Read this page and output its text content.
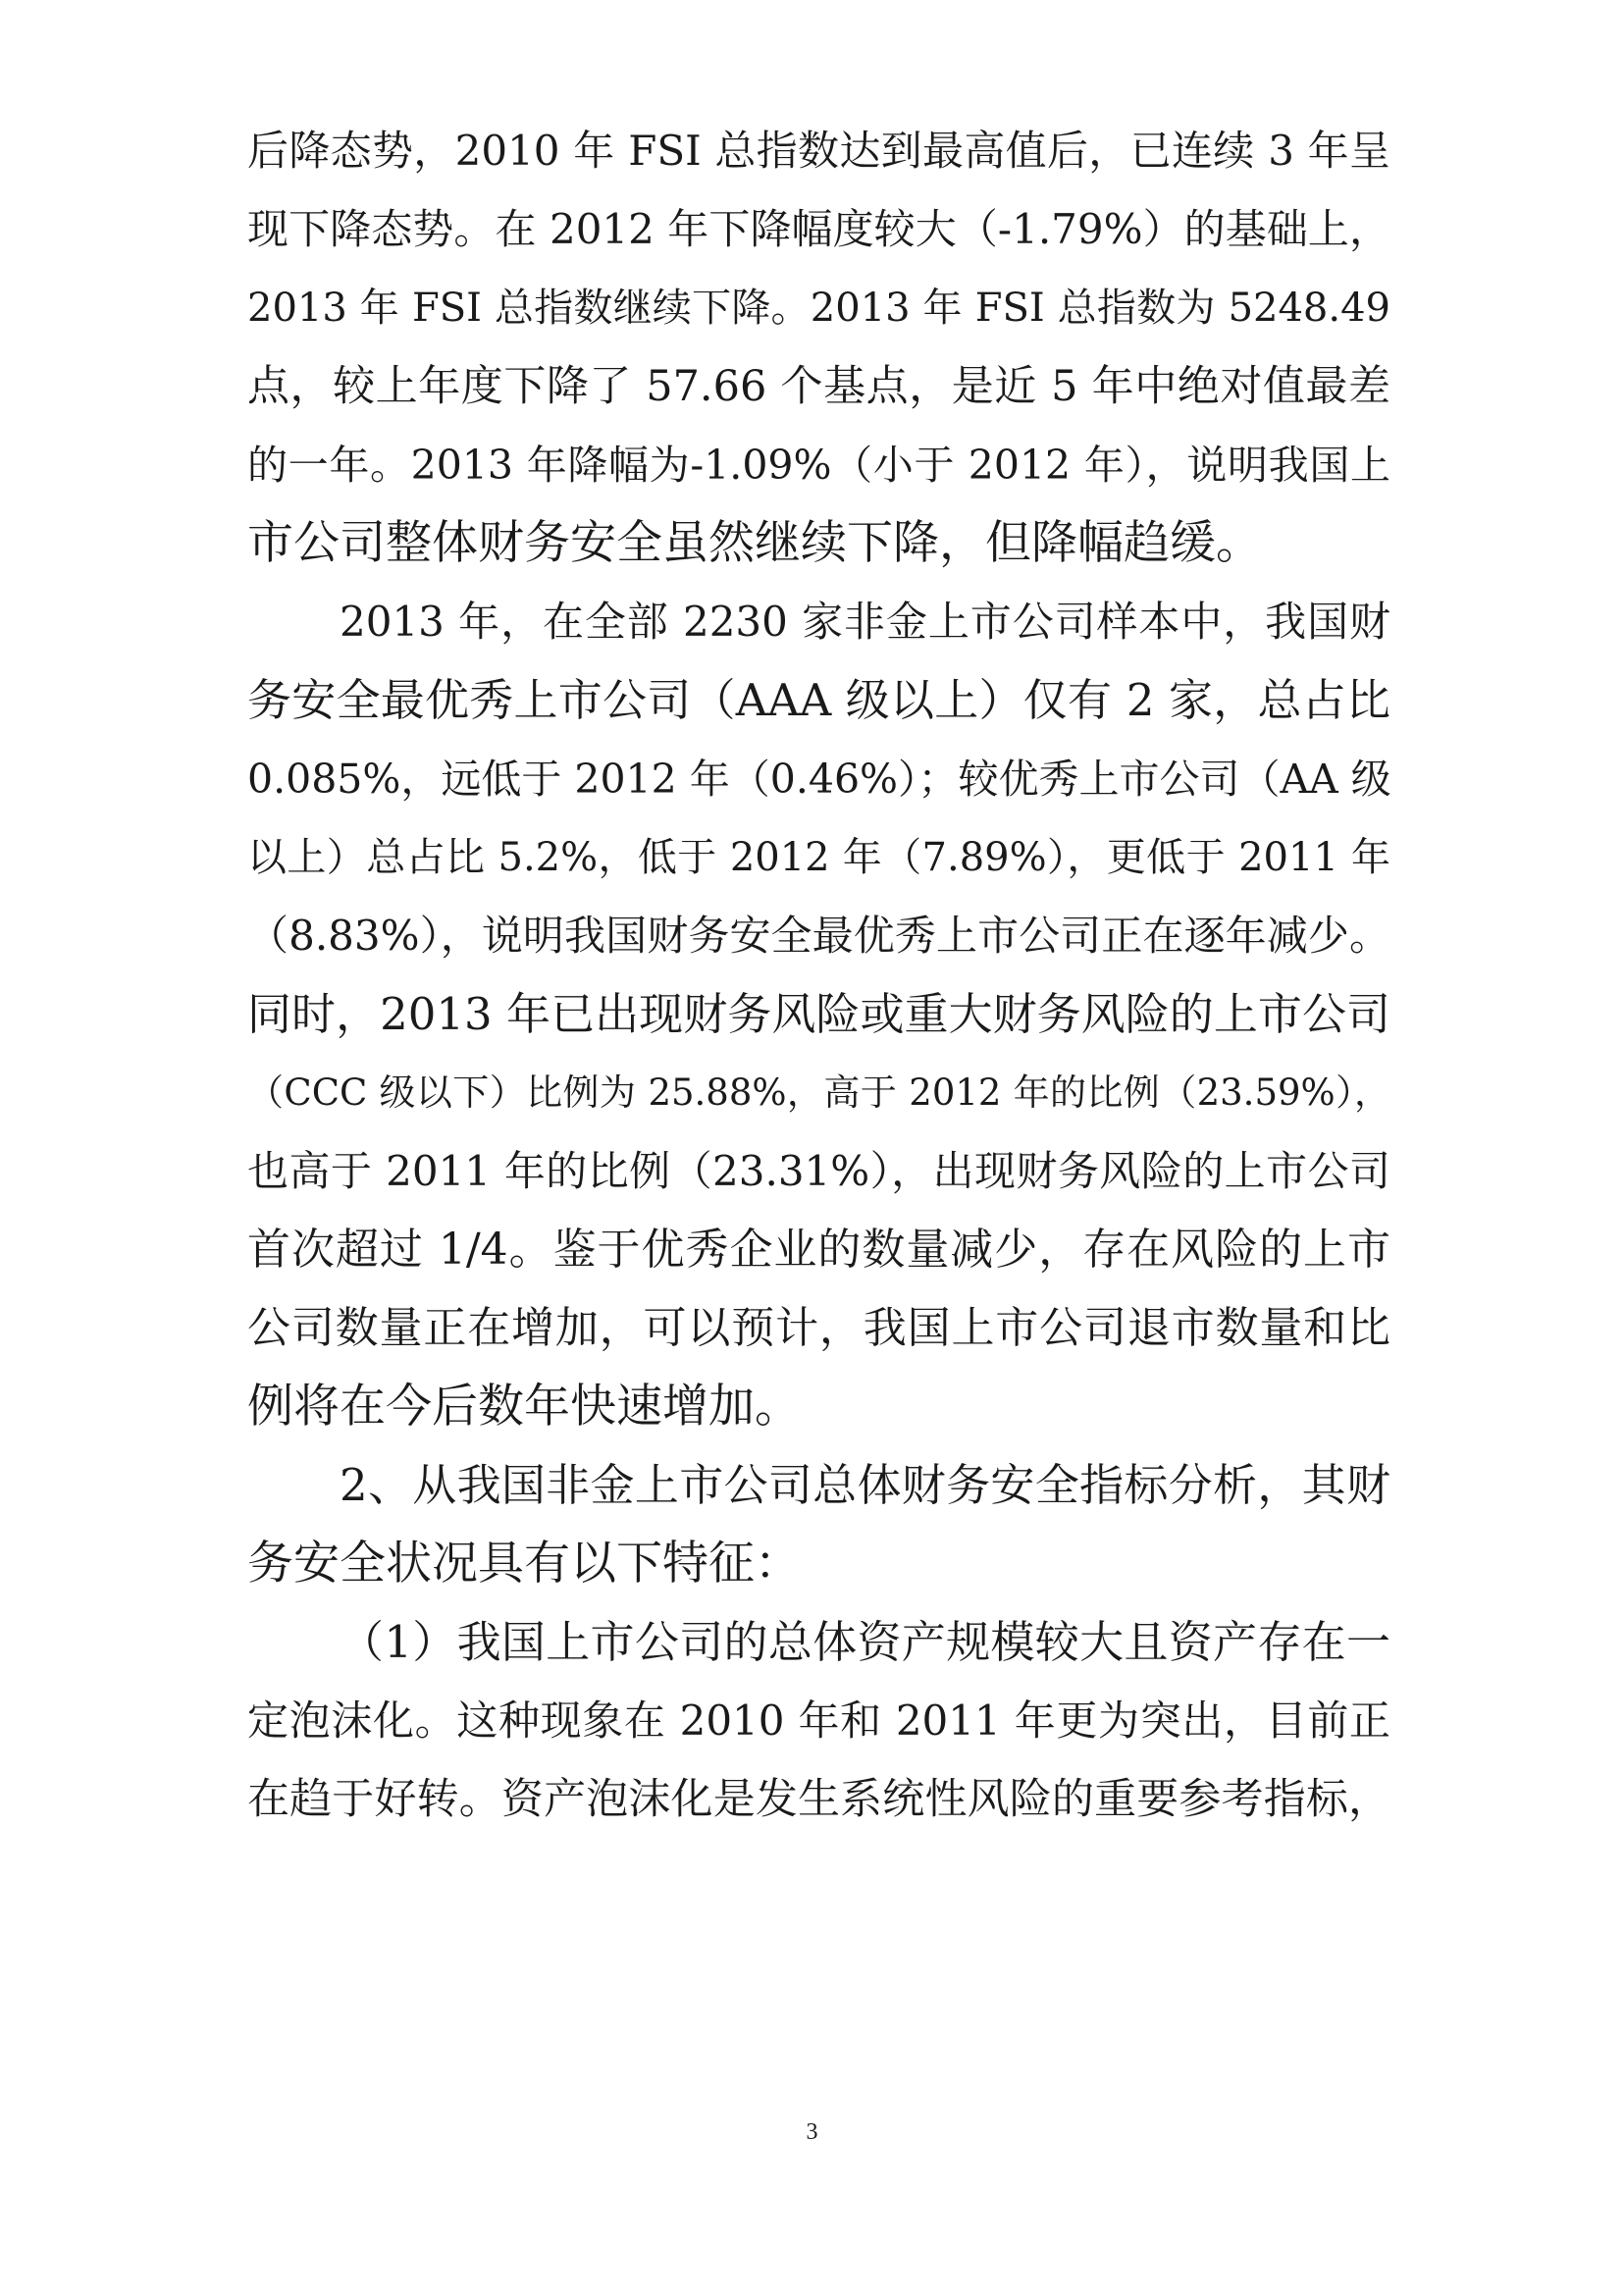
后降态势，2010 年 FSI 总指数达到最高值后，已连续 3 年呈
现下降态势。在 2012 年下降幅度较大（-1.79%）的基础上，
2013 年 FSI 总指数继续下降。2013 年 FSI 总指数为 5248.49
点，较上年度下降了 57.66 个基点，是近 5 年中绝对值最差
的一年。2013 年降幅为-1.09%（小于 2012 年），说明我国上
市公司整体财务安全虽然继续下降，但降幅趋缓。
2013 年，在全部 2230 家非金上市公司样本中，我国财
务安全最优秀上市公司（AAA 级以上）仅有 2 家，总占比
0.085%，远低于 2012 年（0.46%）；较优秀上市公司（AA 级
以上）总占比 5.2%，低于 2012 年（7.89%），更低于 2011 年
（8.83%），说明我国财务安全最优秀上市公司正在逐年减少。
同时，2013 年已出现财务风险或重大财务风险的上市公司
（CCC 级以下）比例为 25.88%，高于 2012 年的比例（23.59%），
也高于 2011 年的比例（23.31%），出现财务风险的上市公司
首次超过 1/4。鉴于优秀企业的数量减少，存在风险的上市
公司数量正在增加，可以预计，我国上市公司退市数量和比
例将在今后数年快速增加。
2、从我国非金上市公司总体财务安全指标分析，其财
务安全状况具有以下特征：
（1）我国上市公司的总体资产规模较大且资产存在一
定泡沫化。这种现象在 2010 年和 2011 年更为突出，目前正
在趋于好转。资产泡沫化是发生系统性风险的重要参考指标，
3
